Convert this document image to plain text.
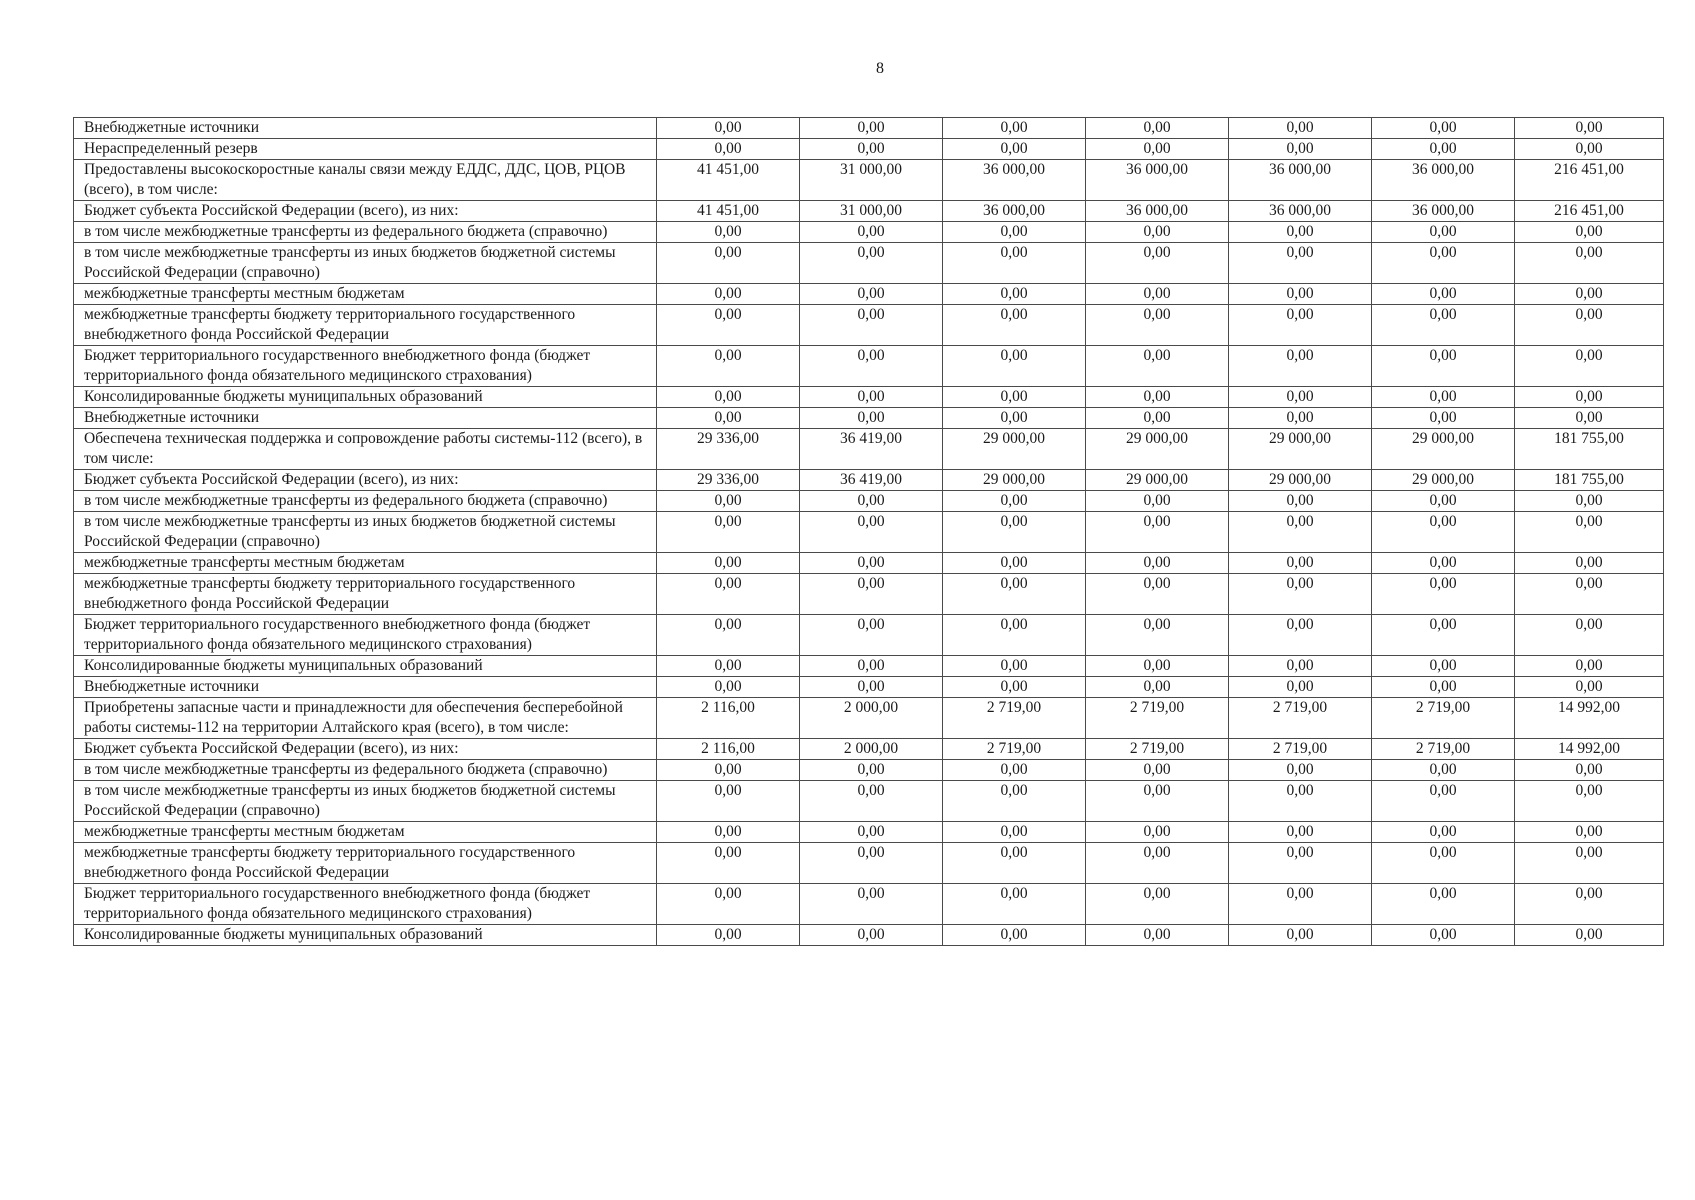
8
Внебюджетные источники	0,00	0,00	0,00	0,00	0,00	0,00	0,00
Нераспределенный резерв	0,00	0,00	0,00	0,00	0,00	0,00	0,00
Предоставлены высокоскоростные каналы связи между ЕДДС, ДДС, ЦОВ, РЦОВ (всего), в том числе:	41 451,00	31 000,00	36 000,00	36 000,00	36 000,00	36 000,00	216 451,00
Бюджет субъекта Российской Федерации (всего), из них:	41 451,00	31 000,00	36 000,00	36 000,00	36 000,00	36 000,00	216 451,00
в том числе межбюджетные трансферты из федерального бюджета (справочно)	0,00	0,00	0,00	0,00	0,00	0,00	0,00
в том числе межбюджетные трансферты из иных бюджетов бюджетной системы Российской Федерации (справочно)	0,00	0,00	0,00	0,00	0,00	0,00	0,00
межбюджетные трансферты местным бюджетам	0,00	0,00	0,00	0,00	0,00	0,00	0,00
межбюджетные трансферты бюджету территориального государственного внебюджетного фонда Российской Федерации	0,00	0,00	0,00	0,00	0,00	0,00	0,00
Бюджет территориального государственного внебюджетного фонда (бюджет территориального фонда обязательного медицинского страхования)	0,00	0,00	0,00	0,00	0,00	0,00	0,00
Консолидированные бюджеты муниципальных образований	0,00	0,00	0,00	0,00	0,00	0,00	0,00
Внебюджетные источники	0,00	0,00	0,00	0,00	0,00	0,00	0,00
Обеспечена техническая поддержка и сопровождение работы системы-112 (всего), в том числе:	29 336,00	36 419,00	29 000,00	29 000,00	29 000,00	29 000,00	181 755,00
Бюджет субъекта Российской Федерации (всего), из них:	29 336,00	36 419,00	29 000,00	29 000,00	29 000,00	29 000,00	181 755,00
в том числе межбюджетные трансферты из федерального бюджета (справочно)	0,00	0,00	0,00	0,00	0,00	0,00	0,00
в том числе межбюджетные трансферты из иных бюджетов бюджетной системы Российской Федерации (справочно)	0,00	0,00	0,00	0,00	0,00	0,00	0,00
межбюджетные трансферты местным бюджетам	0,00	0,00	0,00	0,00	0,00	0,00	0,00
межбюджетные трансферты бюджету территориального государственного внебюджетного фонда Российской Федерации	0,00	0,00	0,00	0,00	0,00	0,00	0,00
Бюджет территориального государственного внебюджетного фонда (бюджет территориального фонда обязательного медицинского страхования)	0,00	0,00	0,00	0,00	0,00	0,00	0,00
Консолидированные бюджеты муниципальных образований	0,00	0,00	0,00	0,00	0,00	0,00	0,00
Внебюджетные источники	0,00	0,00	0,00	0,00	0,00	0,00	0,00
Приобретены запасные части и принадлежности для обеспечения бесперебойной работы системы-112 на территории Алтайского края (всего), в том числе:	2 116,00	2 000,00	2 719,00	2 719,00	2 719,00	2 719,00	14 992,00
Бюджет субъекта Российской Федерации (всего), из них:	2 116,00	2 000,00	2 719,00	2 719,00	2 719,00	2 719,00	14 992,00
в том числе межбюджетные трансферты из федерального бюджета (справочно)	0,00	0,00	0,00	0,00	0,00	0,00	0,00
в том числе межбюджетные трансферты из иных бюджетов бюджетной системы Российской Федерации (справочно)	0,00	0,00	0,00	0,00	0,00	0,00	0,00
межбюджетные трансферты местным бюджетам	0,00	0,00	0,00	0,00	0,00	0,00	0,00
межбюджетные трансферты бюджету территориального государственного внебюджетного фонда Российской Федерации	0,00	0,00	0,00	0,00	0,00	0,00	0,00
Бюджет территориального государственного внебюджетного фонда (бюджет территориального фонда обязательного медицинского страхования)	0,00	0,00	0,00	0,00	0,00	0,00	0,00
Консолидированные бюджеты муниципальных образований	0,00	0,00	0,00	0,00	0,00	0,00	0,00
